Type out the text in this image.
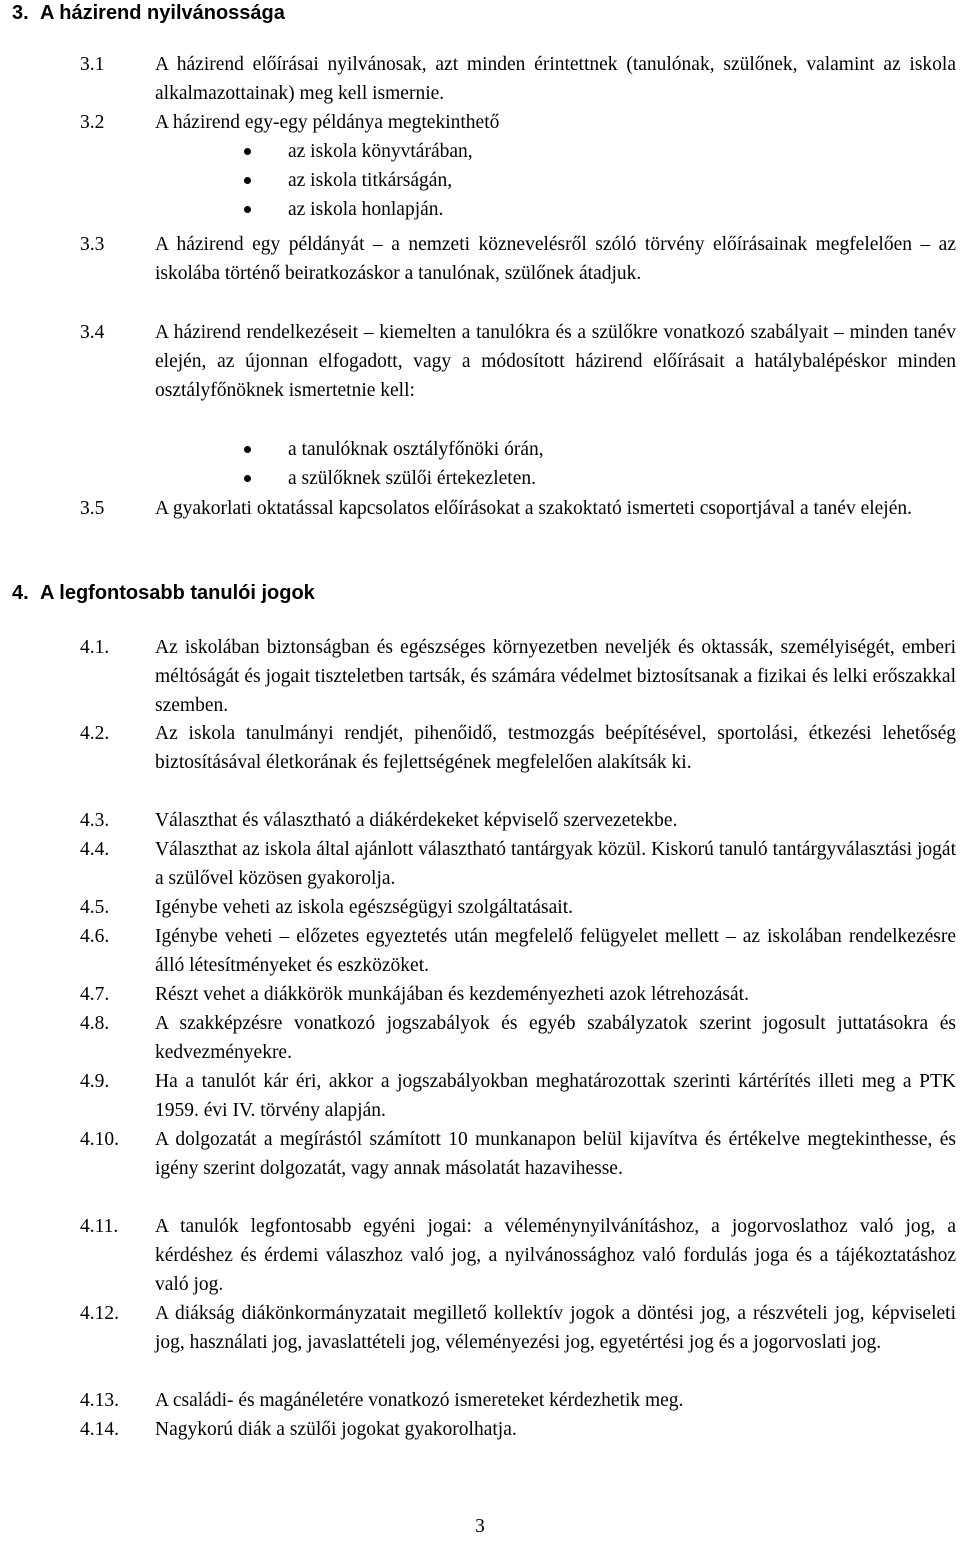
3. A házirend nyilvánossága
3.1	A házirend előírásai nyilvánosak, azt minden érintettnek (tanulónak, szülőnek, valamint az iskola alkalmazottainak) meg kell ismernie.
3.2	A házirend egy-egy példánya megtekinthető
az iskola könyvtárában,
az iskola titkárságán,
az iskola honlapján.
3.3	A házirend egy példányát – a nemzeti köznevelésről szóló törvény előírásainak megfelelően – az iskolába történő beiratkozáskor a tanulónak, szülőnek átadjuk.
3.4	A házirend rendelkezéseit – kiemelten a tanulókra és a szülőkre vonatkozó szabályait – minden tanév elején, az újonnan elfogadott, vagy a módosított házirend előírásait a hatálybalépéskor minden osztályfőnöknek ismertetnie kell:
a tanulóknak osztályfőnöki órán,
a szülőknek szülői értekezleten.
3.5	A gyakorlati oktatással kapcsolatos előírásokat a szakoktató ismerteti csoportjával a tanév elején.
4. A legfontosabb tanulói jogok
4.1. Az iskolában biztonságban és egészséges környezetben neveljék és oktassák, személyiségét, emberi méltóságát és jogait tiszteletben tartsák, és számára védelmet biztosítsanak a fizikai és lelki erőszakkal szemben.
4.2. Az iskola tanulmányi rendjét, pihenőidő, testmozgás beépítésével, sportolási, étkezési lehetőség biztosításával életkorának és fejlettségének megfelelően alakítsák ki.
4.3. Választhat és választható a diákérdekeket képviselő szervezetekbe.
4.4. Választhat az iskola által ajánlott választható tantárgyak közül. Kiskorú tanuló tantárgyválasztási jogát a szülővel közösen gyakorolja.
4.5. Igénybe veheti az iskola egészségügyi szolgáltatásait.
4.6. Igénybe veheti – előzetes egyeztetés után megfelelő felügyelet mellett – az iskolában rendelkezésre álló létesítményeket és eszközöket.
4.7. Részt vehet a diákkörök munkájában és kezdeményezheti azok létrehozását.
4.8. A szakképzésre vonatkozó jogszabályok és egyéb szabályzatok szerint jogosult juttatásokra és kedvezményekre.
4.9. Ha a tanulót kár éri, akkor a jogszabályokban meghatározottak szerinti kártérítés illeti meg a PTK 1959. évi IV. törvény alapján.
4.10. A dolgozatát a megírástól számított 10 munkanapon belül kijavítva és értékelve megtekinthesse, és igény szerint dolgozatát, vagy annak másolatát hazavihesse.
4.11. A tanulók legfontosabb egyéni jogai: a véleménynyilvánításhoz, a jogorvoslathoz való jog, a kérdéshez és érdemi válaszhoz való jog, a nyilvánossághoz való fordulás joga és a tájékoztatáshoz való jog.
4.12. A diákság diákönkormányzatait megillető kollektív jogok a döntési jog, a részvételi jog, képviseleti jog, használati jog, javaslattételi jog, véleményezési jog, egyetértési jog és a jogorvoslati jog.
4.13. A családi- és magánéletére vonatkozó ismereteket kérdezhetik meg.
4.14. Nagykorú diák a szülői jogokat gyakorolhatja.
3
